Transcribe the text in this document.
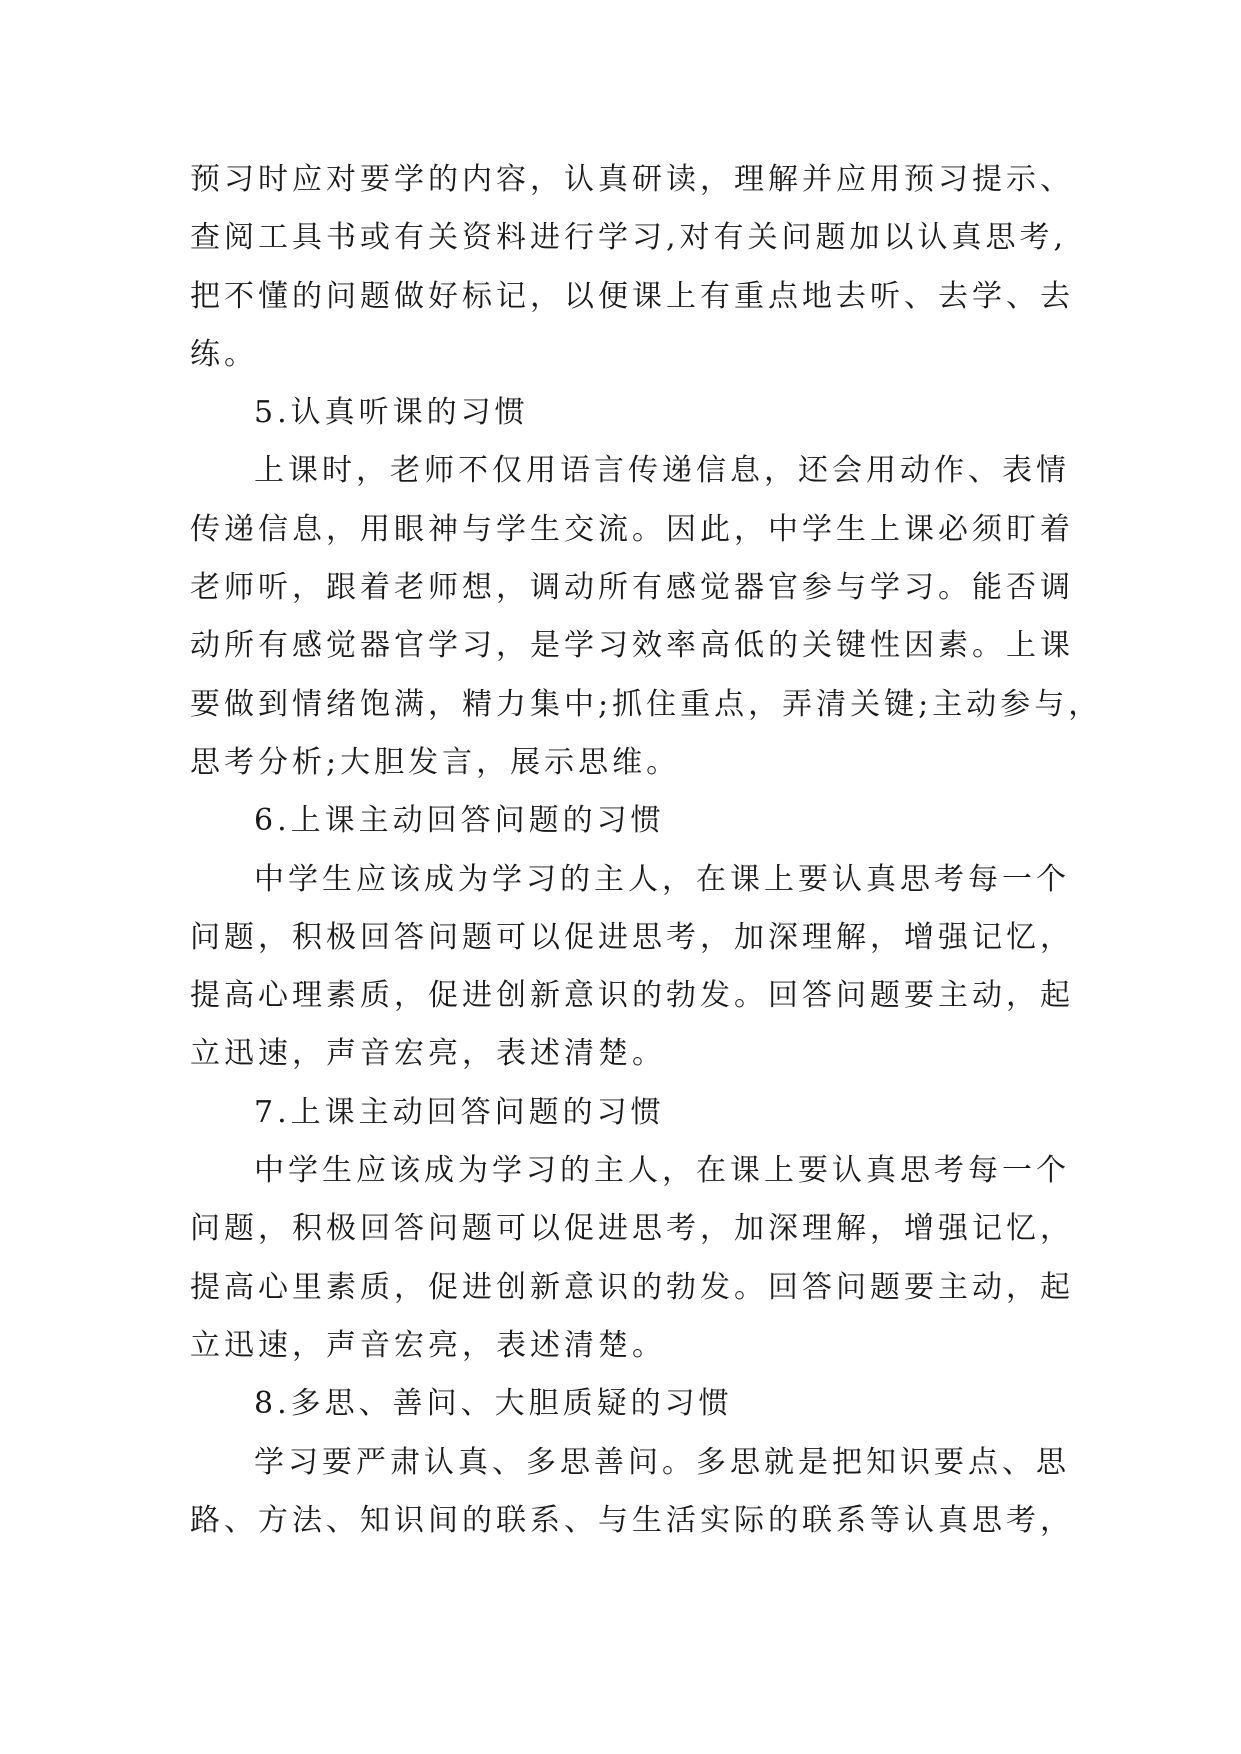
预习时应对要学的内容，认真研读，理解并应用预习提示、
查阅工具书或有关资料进行学习,对有关问题加以认真思考,
把不懂的问题做好标记，以便课上有重点地去听、去学、去
练。
5.认真听课的习惯
上课时，老师不仅用语言传递信息，还会用动作、表情
传递信息，用眼神与学生交流。因此，中学生上课必须盯着
老师听，跟着老师想，调动所有感觉器官参与学习。能否调
动所有感觉器官学习，是学习效率高低的关键性因素。上课
要做到情绪饱满，精力集中;抓住重点，弄清关键;主动参与，
思考分析;大胆发言，展示思维。
6.上课主动回答问题的习惯
中学生应该成为学习的主人，在课上要认真思考每一个
问题，积极回答问题可以促进思考，加深理解，增强记忆，
提高心理素质，促进创新意识的勃发。回答问题要主动，起
立迅速，声音宏亮，表述清楚。
7.上课主动回答问题的习惯
中学生应该成为学习的主人，在课上要认真思考每一个
问题，积极回答问题可以促进思考，加深理解，增强记忆，
提高心里素质，促进创新意识的勃发。回答问题要主动，起
立迅速，声音宏亮，表述清楚。
8.多思、善问、大胆质疑的习惯
学习要严肃认真、多思善问。多思就是把知识要点、思
路、方法、知识间的联系、与生活实际的联系等认真思考，
